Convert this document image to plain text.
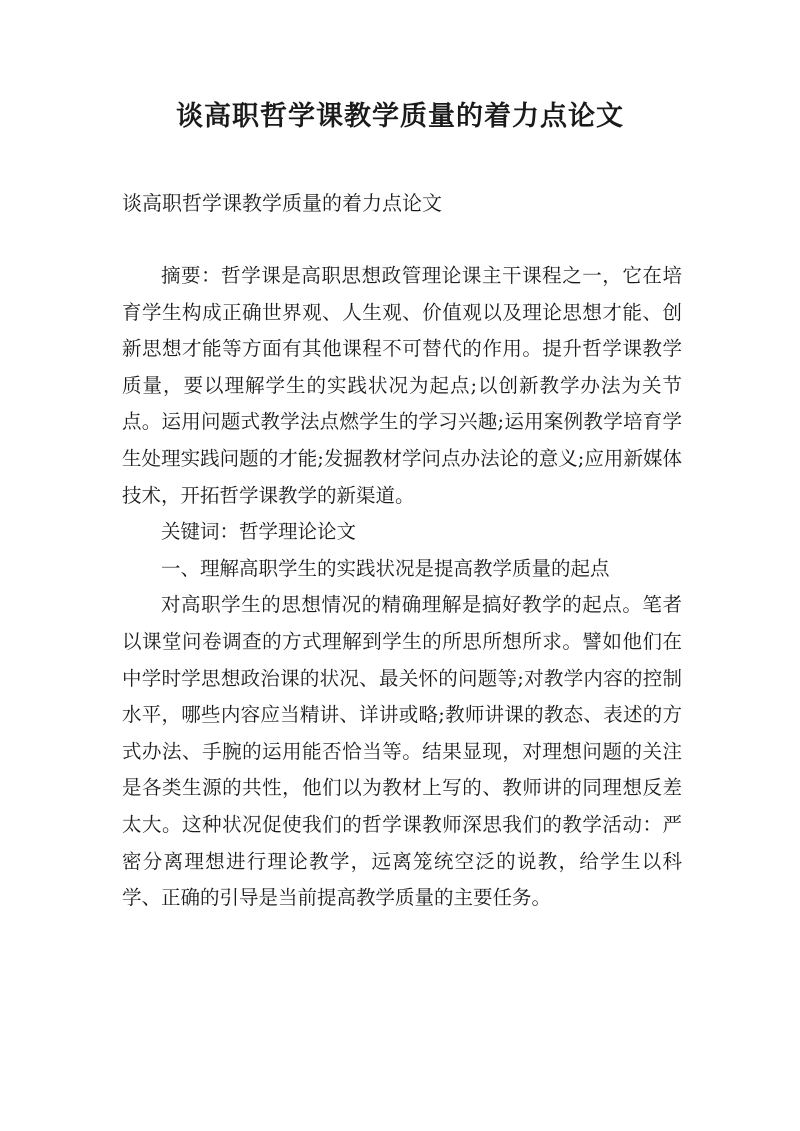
谈高职哲学课教学质量的着力点论文

谈高职哲学课教学质量的着力点论文

摘要：哲学课是高职思想政管理论课主干课程之一，它在培育学生构成正确世界观、人生观、价值观以及理论思想才能、创新思想才能等方面有其他课程不可替代的作用。提升哲学课教学质量，要以理解学生的实践状况为起点;以创新教学办法为关节点。运用问题式教学法点燃学生的学习兴趣;运用案例教学培育学生处理实践问题的才能;发掘教材学问点办法论的意义;应用新媒体技术，开拓哲学课教学的新渠道。

关键词：哲学理论论文

一、理解高职学生的实践状况是提高教学质量的起点

对高职学生的思想情况的精确理解是搞好教学的起点。笔者以课堂问卷调查的方式理解到学生的所思所想所求。譬如他们在中学时学思想政治课的状况、最关怀的问题等;对教学内容的控制水平，哪些内容应当精讲、详讲或略;教师讲课的教态、表述的方式办法、手腕的运用能否恰当等。结果显现，对理想问题的关注是各类生源的共性，他们以为教材上写的、教师讲的同理想反差太大。这种状况促使我们的哲学课教师深思我们的教学活动：严密分离理想进行理论教学，远离笼统空泛的说教，给学生以科学、正确的引导是当前提高教学质量的主要任务。
